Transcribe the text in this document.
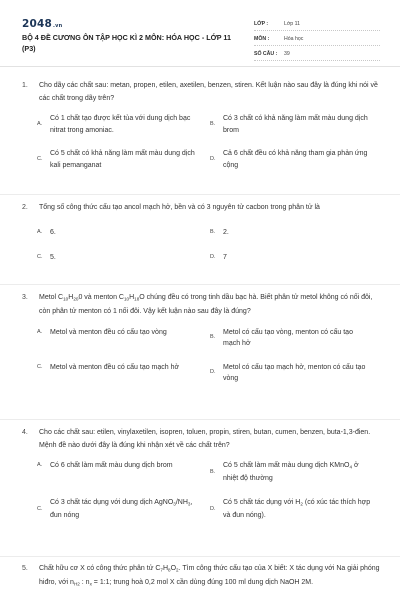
2048.vn
BỘ 4 ĐỀ CƯƠNG ÔN TẬP HỌC KÌ 2 MÔN: HÓA HỌC - LỚP 11 (P3)
LỚP :	Lớp 11
MÔN :	Hóa học
SỐ CÂU :	39
1.	Cho dãy các chất sau: metan, propen, etilen, axetilen, benzen, stiren. Kết luận nào sau đây là đúng khi nói về các chất trong dãy trên?
A.
Có 1 chất tạo được kết tủa với dung dịch bạc nitrat trong amoniac.
B.
Có 3 chất có khả năng làm mất màu dung dịch brom
C.
Có 5 chất có khả năng làm mất màu dung dịch kali pemanganat
D.
Cả 6 chất đều có khả năng tham gia phản ứng cộng
2.	Tổng số công thức cấu tạo ancol mạch hở, bền và có 3 nguyên tử cacbon trong phân tử là
A.	6.	B.	2.
C.	5.	D.	7
3.	Metol $C_{10}H_{20}0$ và menton $C_{10}H_{18}O$ chúng đều có trong tinh dầu bạc hà. Biết phân tử metol không có nối đôi, còn phân tử menton có 1 nối đôi. Vậy kết luận nào sau đây là đúng?
A.	Metol và menton đều có cấu tạo vòng
B.
Metol có cấu tạo vòng, menton có cấu tạo mạch hở
C.	Metol và menton đều có cấu tạo mạch hở
D.
Metol có cấu tạo mạch hở, menton có cấu tạo vòng
4.	Cho các chất sau: etilen, vinylaxetilen, isopren, toluen, propin, stiren, butan, cumen, benzen, buta-1,3-đien. Mệnh đề nào dưới đây là đúng khi nhận xét về các chất trên?
A.	Có 6 chất làm mất màu dung dịch brom
B.
Có 5 chất làm mất màu dung dịch KMnO$_4$ ở nhiệt độ thường
C.
Có 3 chất tác dụng với dung dịch $AgNO_3/NH_3$, đun nóng
D.
Có 5 chất tác dụng với $H_2$ (có xúc tác thích hợp và đun nóng).
5.	Chất hữu cơ X có công thức phân tử $C_7H_8O_2$. Tìm công thức cấu tạo của X biết: X tác dụng với Na giải phóng hiđro, với $n_{H2}$ : $n_x$ = 1:1; trung hoà 0,2 mol X cần dùng đúng 100 ml dung dịch NaOH 2M.
